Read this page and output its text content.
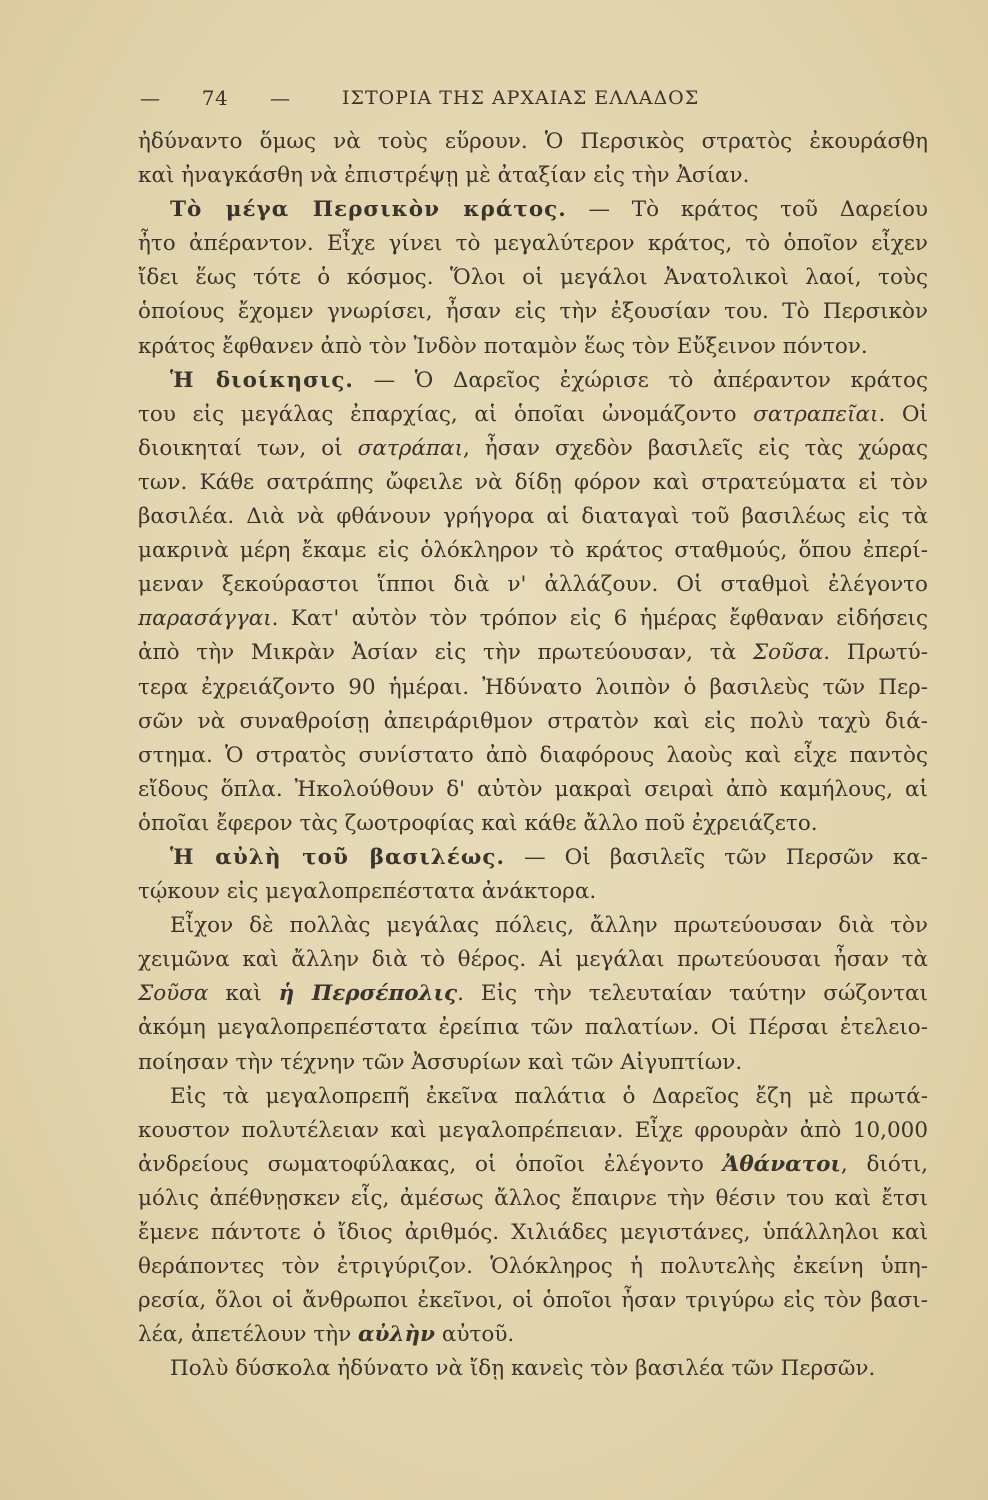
— 74 —	ΙΣΤΟΡΙΑ ΤΗΣ ΑΡΧΑΙΑΣ ΕΛΛΑΔΟΣ
ἠδύναντο ὅμως νὰ τοὺς εὕρουν. Ὁ Περσικὸς στρατὸς ἐκουράσθη
καὶ ἠναγκάσθη νὰ ἐπιστρέψῃ μὲ ἀταξίαν εἰς τὴν Ἀσίαν.
Τὸ μέγα Περσικὸν κράτος. — Τὸ κράτος τοῦ Δαρείου
ἦτο ἀπέραντον. Εἶχε γίνει τὸ μεγαλύτερον κράτος, τὸ ὁποῖον εἶχεν
ἴδει ἕως τότε ὁ κόσμος. Ὅλοι οἱ μεγάλοι Ἀνατολικοὶ λαοί, τοὺς
ὁποίους ἔχομεν γνωρίσει, ἦσαν εἰς τὴν ἐξουσίαν του. Τὸ Περσικὸν
κράτος ἔφθανεν ἀπὸ τὸν Ἰνδὸν ποταμὸν ἕως τὸν Εὔξεινον πόντον.
Ἡ διοίκησις. — Ὁ Δαρεῖος ἐχώρισε τὸ ἀπέραντον κράτος
του εἰς μεγάλας ἐπαρχίας, αἱ ὁποῖαι ὠνομάζοντο σατραπεῖαι. Οἱ
διοικηταί των, οἱ σατράπαι, ἦσαν σχεδὸν βασιλεῖς εἰς τὰς χώρας
των. Κάθε σατράπης ὤφειλε νὰ δίδῃ φόρον καὶ στρατεύματα εἰ τὸν
βασιλέα. Διὰ νὰ φθάνουν γρήγορα αἱ διαταγαὶ τοῦ βασιλέως εἰς τὰ
μακρινὰ μέρη ἔκαμε εἰς ὁλόκληρον τὸ κράτος σταθμούς, ὅπου ἐπερί-
μεναν ξεκούραστοι ἵπποι διὰ ν' ἀλλάζουν. Οἱ σταθμοὶ ἐλέγοντο
παρασάγγαι. Κατ' αὐτὸν τὸν τρόπον εἰς 6 ἡμέρας ἔφθαναν εἰδήσεις
ἀπὸ τὴν Μικρὰν Ἀσίαν εἰς τὴν πρωτεύουσαν, τὰ Σοῦσα. Πρωτύ-
τερα ἐχρειάζοντο 90 ἡμέραι. Ἠδύνατο λοιπὸν ὁ βασιλεὺς τῶν Περ-
σῶν νὰ συναθροίσῃ ἀπειράριθμον στρατὸν καὶ εἰς πολὺ ταχὺ διά-
στημα. Ὁ στρατὸς συνίστατο ἀπὸ διαφόρους λαοὺς καὶ εἶχε παντὸς
εἴδους ὅπλα. Ἠκολούθουν δ' αὐτὸν μακραὶ σειραὶ ἀπὸ καμήλους, αἱ
ὁποῖαι ἔφερον τὰς ζωοτροφίας καὶ κάθε ἄλλο ποῦ ἐχρειάζετο.
Ἡ αὐλὴ τοῦ βασιλέως. — Οἱ βασιλεῖς τῶν Περσῶν κα-
τῴκουν εἰς μεγαλοπρεπέστατα ἀνάκτορα.
Εἶχον δὲ πολλὰς μεγάλας πόλεις, ἄλλην πρωτεύουσαν διὰ τὸν
χειμῶνα καὶ ἄλλην διὰ τὸ θέρος. Αἱ μεγάλαι πρωτεύουσαι ἦσαν τὰ
Σοῦσα καὶ ἡ Περσέπολις. Εἰς τὴν τελευταίαν ταύτην σώζονται
ἀκόμη μεγαλοπρεπέστατα ἐρείπια τῶν παλατίων. Οἱ Πέρσαι ἐτελειο-
ποίησαν τὴν τέχνην τῶν Ἀσσυρίων καὶ τῶν Αἰγυπτίων.
Εἰς τὰ μεγαλοπρεπῆ ἐκεῖνα παλάτια ὁ Δαρεῖος ἔζη μὲ πρωτά-
κουστον πολυτέλειαν καὶ μεγαλοπρέπειαν. Εἶχε φρουρὰν ἀπὸ 10,000
ἀνδρείους σωματοφύλακας, οἱ ὁποῖοι ἐλέγοντο Ἀθάνατοι, διότι,
μόλις ἀπέθνῃσκεν εἷς, ἀμέσως ἄλλος ἔπαιρνε τὴν θέσιν του καὶ ἔτσι
ἔμενε πάντοτε ὁ ἴδιος ἀριθμός. Χιλιάδες μεγιστάνες, ὑπάλληλοι καὶ
θεράποντες τὸν ἐτριγύριζον. Ὁλόκληρος ἡ πολυτελὴς ἐκείνη ὑπη-
ρεσία, ὅλοι οἱ ἄνθρωποι ἐκεῖνοι, οἱ ὁποῖοι ἦσαν τριγύρω εἰς τὸν βασι-
λέα, ἀπετέλουν τὴν αὐλὴν αὐτοῦ.
Πολὺ δύσκολα ἠδύνατο νὰ ἴδῃ κανεὶς τὸν βασιλέα τῶν Περσῶν.
